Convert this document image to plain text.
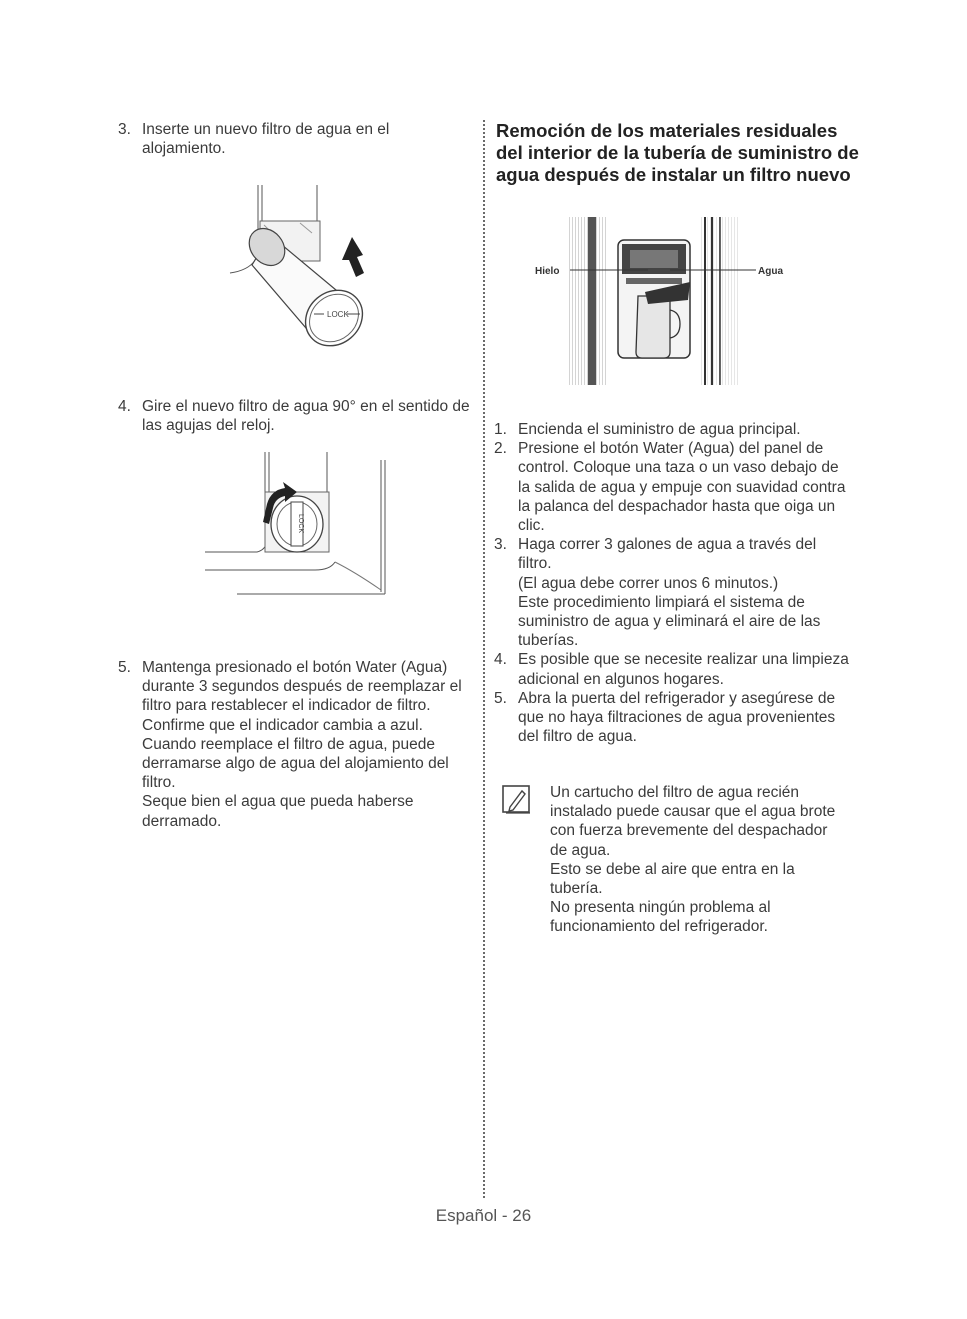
3. Inserte un nuevo filtro de agua en el

alojamiento.

LOCK
4. Gire el nuevo filtro de agua 90° en el sentido de

las agujas del reloj.

LOCK
5. Mantenga presionado el botón Water (Agua)

durante 3 segundos después de reemplazar el

filtro para restablecer el indicador de filtro.

Confirme que el indicador cambia a azul.

Cuando reemplace el filtro de agua, puede

derramarse algo de agua del alojamiento del

filtro.

Seque bien el agua que pueda haberse

derramado.

Remoción de los materiales residuales
del interior de la tubería de suministro de
agua después de instalar un filtro nuevo
Hielo	Agua
1. Encienda el suministro de agua principal.

2. Presione el botón Water (Agua) del panel de

control. Coloque una taza o un vaso debajo de

la salida de agua y empuje con suavidad contra

la palanca del despachador hasta que oiga un

clic.

3. Haga correr 3 galones de agua a través del

filtro.

(El agua debe correr unos 6 minutos.)

Este procedimiento limpiará el sistema de

suministro de agua y eliminará el aire de las

tuberías.

4. Es posible que se necesite realizar una limpieza

adicional en algunos hogares.

5. Abra la puerta del refrigerador y asegúrese de

que no haya filtraciones de agua provenientes

del filtro de agua.

Un cartucho del filtro de agua recién

instalado puede causar que el agua brote

con fuerza brevemente del despachador

de agua.

Esto se debe al aire que entra en la

tubería.

No presenta ningún problema al

funcionamiento del refrigerador.

Español - 26
